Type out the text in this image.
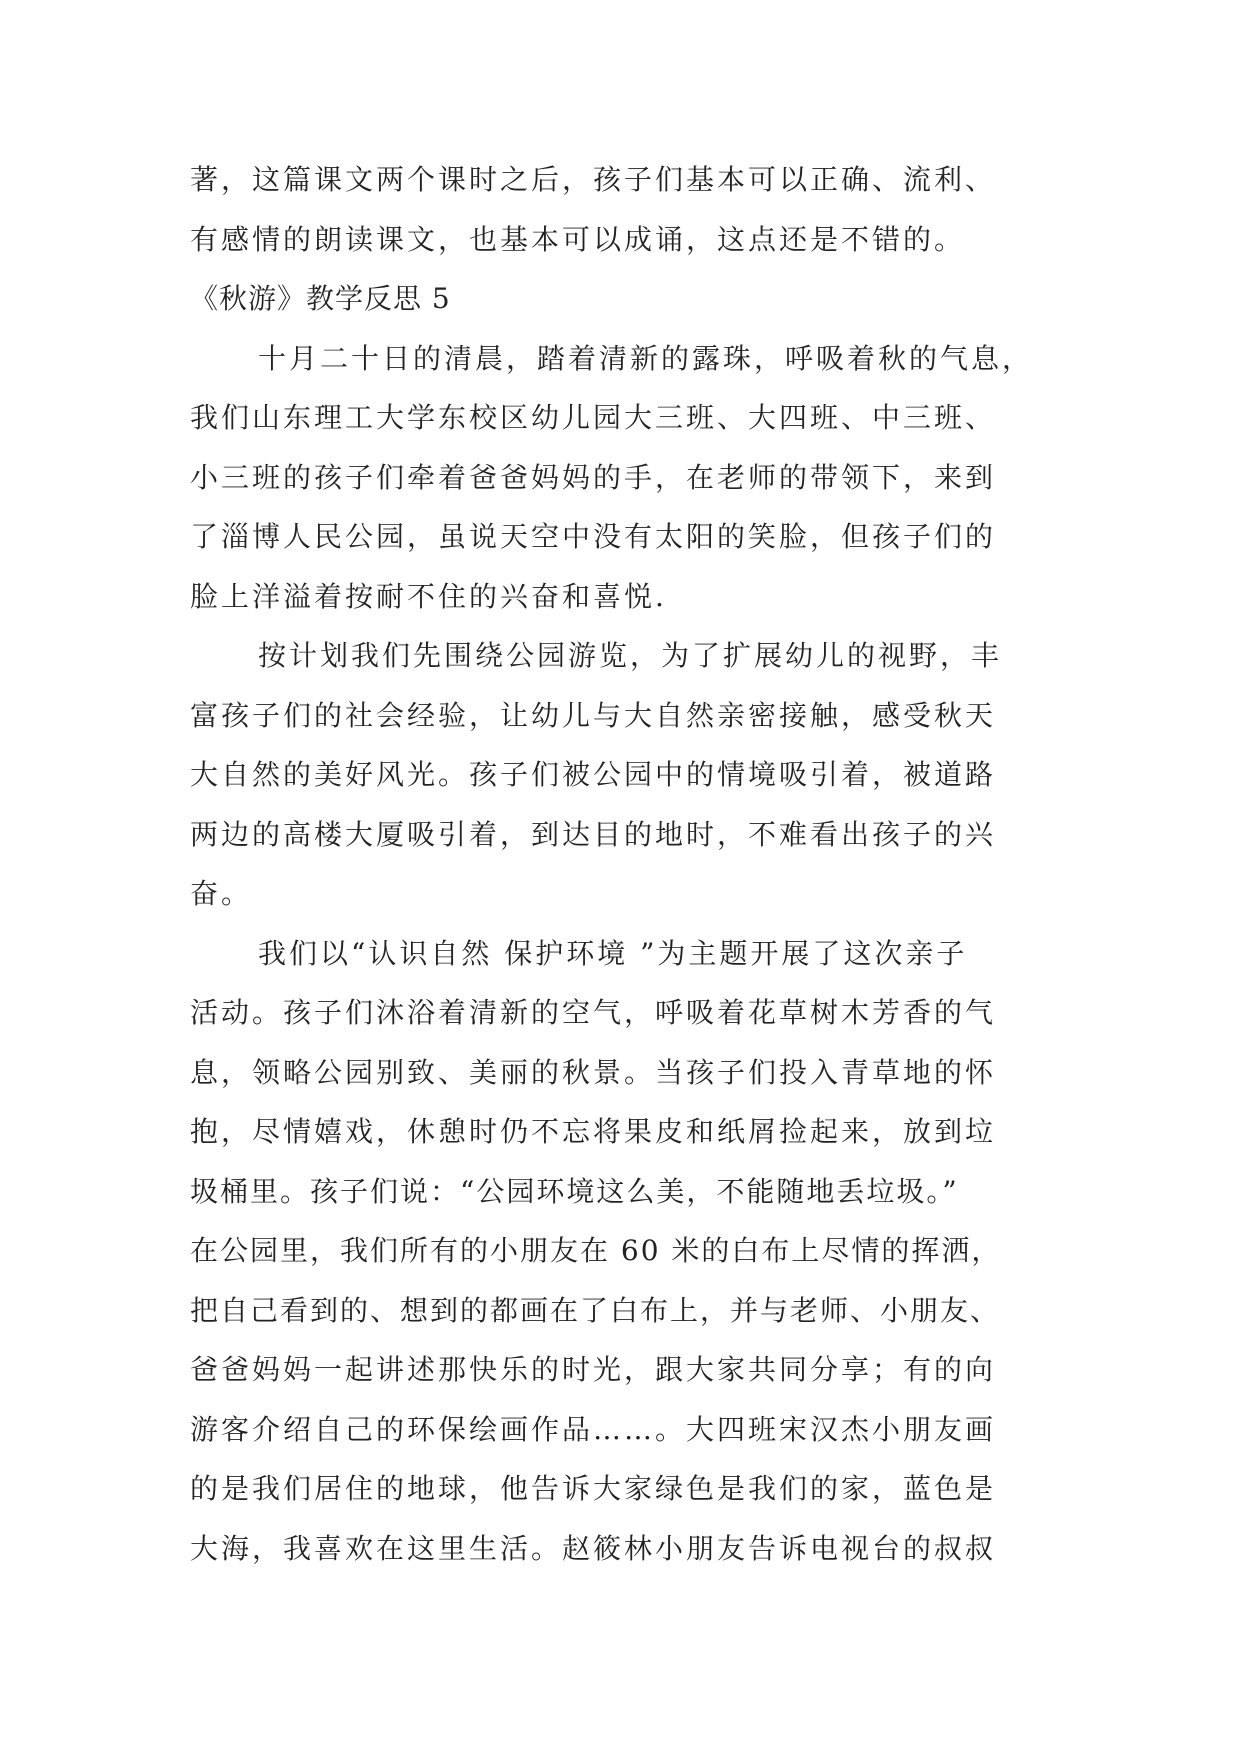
著，这篇课文两个课时之后，孩子们基本可以正确、流利、
有感情的朗读课文，也基本可以成诵，这点还是不错的。
《秋游》教学反思 5
十月二十日的清晨，踏着清新的露珠，呼吸着秋的气息，
我们山东理工大学东校区幼儿园大三班、大四班、中三班、
小三班的孩子们牵着爸爸妈妈的手，在老师的带领下，来到
了淄博人民公园，虽说天空中没有太阳的笑脸，但孩子们的
脸上洋溢着按耐不住的兴奋和喜悦.
按计划我们先围绕公园游览，为了扩展幼儿的视野，丰
富孩子们的社会经验，让幼儿与大自然亲密接触，感受秋天
大自然的美好风光。孩子们被公园中的情境吸引着，被道路
两边的高楼大厦吸引着，到达目的地时，不难看出孩子的兴
奋。
我们以“认识自然 保护环境 ”为主题开展了这次亲子
活动。孩子们沐浴着清新的空气，呼吸着花草树木芳香的气
息，领略公园别致、美丽的秋景。当孩子们投入青草地的怀
抱，尽情嬉戏，休憩时仍不忘将果皮和纸屑捡起来，放到垃
圾桶里。孩子们说：“公园环境这么美，不能随地丢垃圾。”
在公园里，我们所有的小朋友在 60 米的白布上尽情的挥洒，
把自己看到的、想到的都画在了白布上，并与老师、小朋友、
爸爸妈妈一起讲述那快乐的时光，跟大家共同分享；有的向
游客介绍自己的环保绘画作品……。大四班宋汉杰小朋友画
的是我们居住的地球，他告诉大家绿色是我们的家，蓝色是
大海，我喜欢在这里生活。赵筱林小朋友告诉电视台的叔叔
